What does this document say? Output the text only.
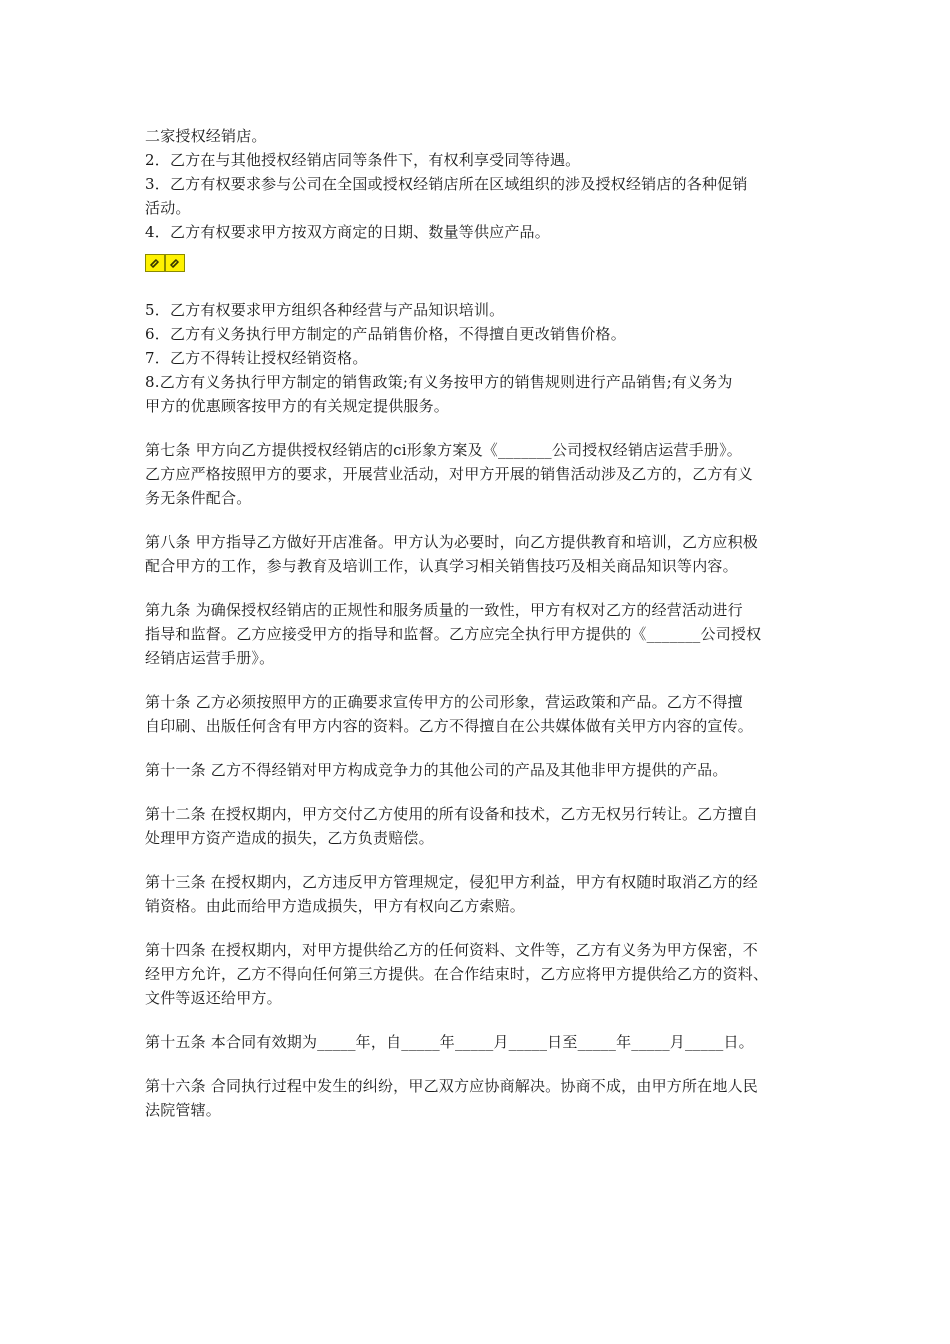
二家授权经销店。
2．乙方在与其他授权经销店同等条件下，有权利享受同等待遇。
3．乙方有权要求参与公司在全国或授权经销店所在区域组织的涉及授权经销店的各种促销
活动。
4．乙方有权要求甲方按双方商定的日期、数量等供应产品。
5．乙方有权要求甲方组织各种经营与产品知识培训。
6．乙方有义务执行甲方制定的产品销售价格，不得擅自更改销售价格。
7．乙方不得转让授权经销资格。
8.乙方有义务执行甲方制定的销售政策;有义务按甲方的销售规则进行产品销售;有义务为
甲方的优惠顾客按甲方的有关规定提供服务。
第七条 甲方向乙方提供授权经销店的ci形象方案及《_______公司授权经销店运营手册》。
乙方应严格按照甲方的要求，开展营业活动，对甲方开展的销售活动涉及乙方的，乙方有义
务无条件配合。
第八条 甲方指导乙方做好开店准备。甲方认为必要时，向乙方提供教育和培训，乙方应积极
配合甲方的工作，参与教育及培训工作，认真学习相关销售技巧及相关商品知识等内容。
第九条 为确保授权经销店的正规性和服务质量的一致性，甲方有权对乙方的经营活动进行
指导和监督。乙方应接受甲方的指导和监督。乙方应完全执行甲方提供的《_______公司授权
经销店运营手册》。
第十条 乙方必须按照甲方的正确要求宣传甲方的公司形象，营运政策和产品。乙方不得擅
自印刷、出版任何含有甲方内容的资料。乙方不得擅自在公共媒体做有关甲方内容的宣传。
第十一条 乙方不得经销对甲方构成竞争力的其他公司的产品及其他非甲方提供的产品。
第十二条 在授权期内，甲方交付乙方使用的所有设备和技术，乙方无权另行转让。乙方擅自
处理甲方资产造成的损失，乙方负责赔偿。
第十三条 在授权期内，乙方违反甲方管理规定，侵犯甲方利益，甲方有权随时取消乙方的经
销资格。由此而给甲方造成损失，甲方有权向乙方索赔。
第十四条 在授权期内，对甲方提供给乙方的任何资料、文件等，乙方有义务为甲方保密，不
经甲方允许，乙方不得向任何第三方提供。在合作结束时，乙方应将甲方提供给乙方的资料、
文件等返还给甲方。
第十五条 本合同有效期为_____年，自_____年_____月_____日至_____年_____月_____日。
第十六条 合同执行过程中发生的纠纷，甲乙双方应协商解决。协商不成，由甲方所在地人民
法院管辖。
